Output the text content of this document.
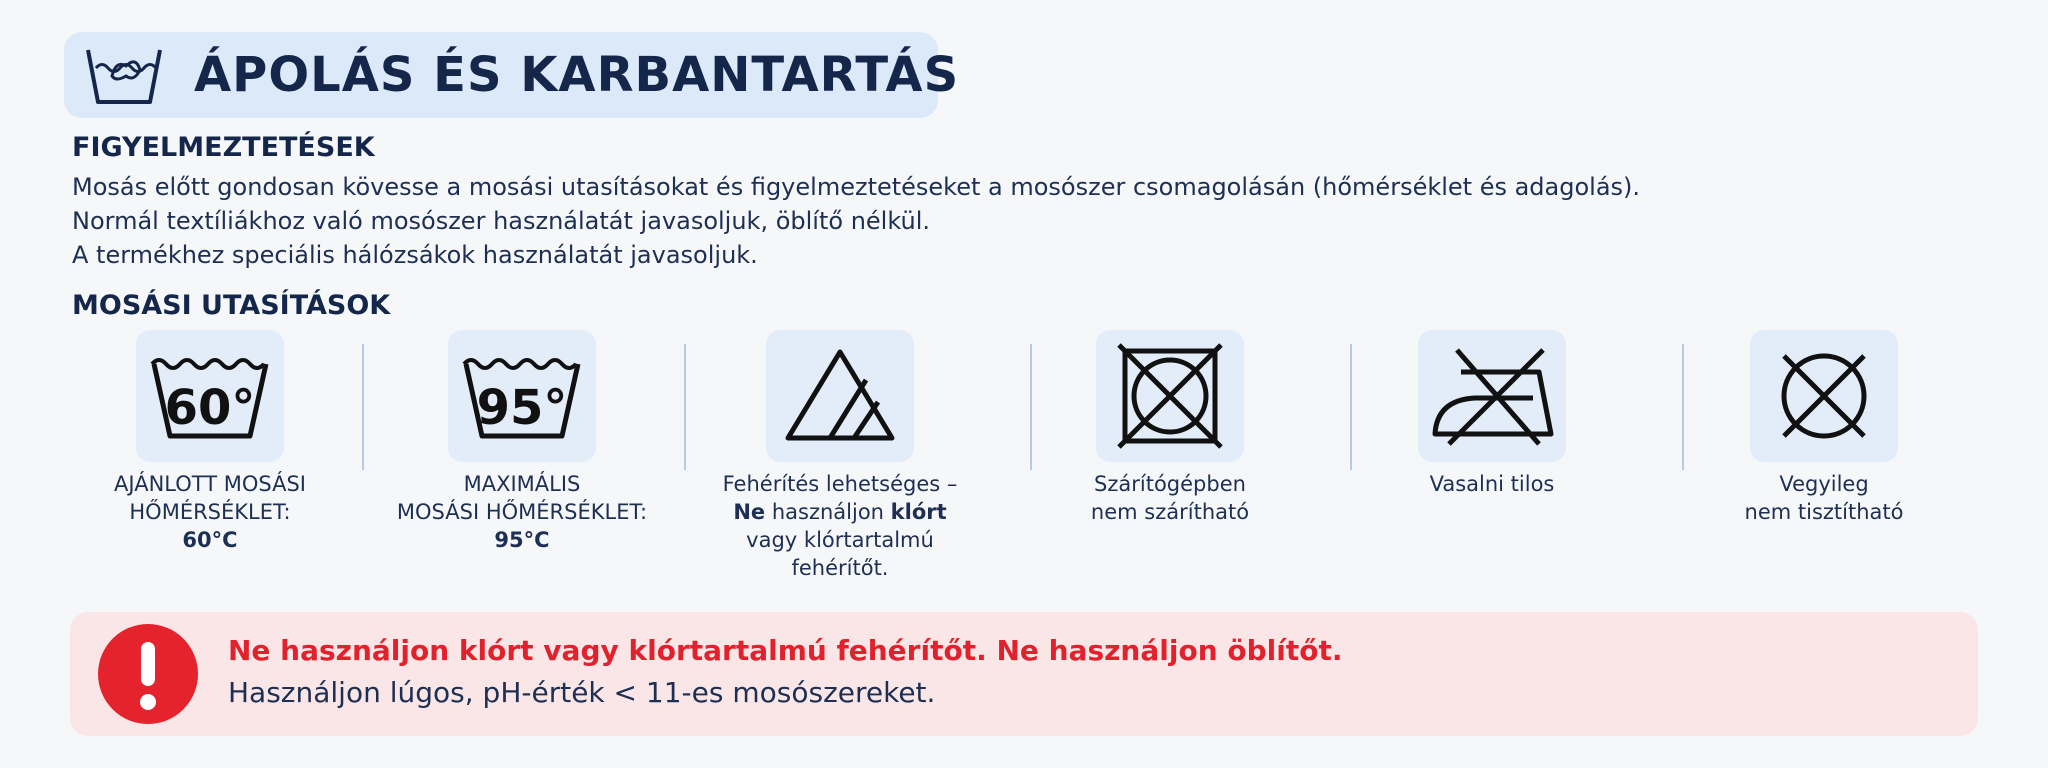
ÁPOLÁS ÉS KARBANTARTÁS
FIGYELMEZTETÉSEK
Mosás előtt gondosan kövesse a mosási utasításokat és figyelmeztetéseket a mosószer csomagolásán (hőmérséklet és adagolás).
Normál textíliákhoz való mosószer használatát javasoljuk, öblítő nélkül.
A termékhez speciális hálózsákok használatát javasoljuk.
MOSÁSI UTASÍTÁSOK
60°
AJÁNLOTT MOSÁSI
HŐMÉRSÉKLET:
60°C
95°
MAXIMÁLIS
MOSÁSI HŐMÉRSÉKLET:
95°C
Fehérítés lehetséges –
Ne használjon klórt
vagy klórtartalmú
fehérítőt.
Szárítógépben
nem szárítható
Vasalni tilos	Vegyileg
nem tisztítható
Ne használjon klórt vagy klórtartalmú fehérítőt. Ne használjon öblítőt.
Használjon lúgos, pH-érték < 11-es mosószereket.
